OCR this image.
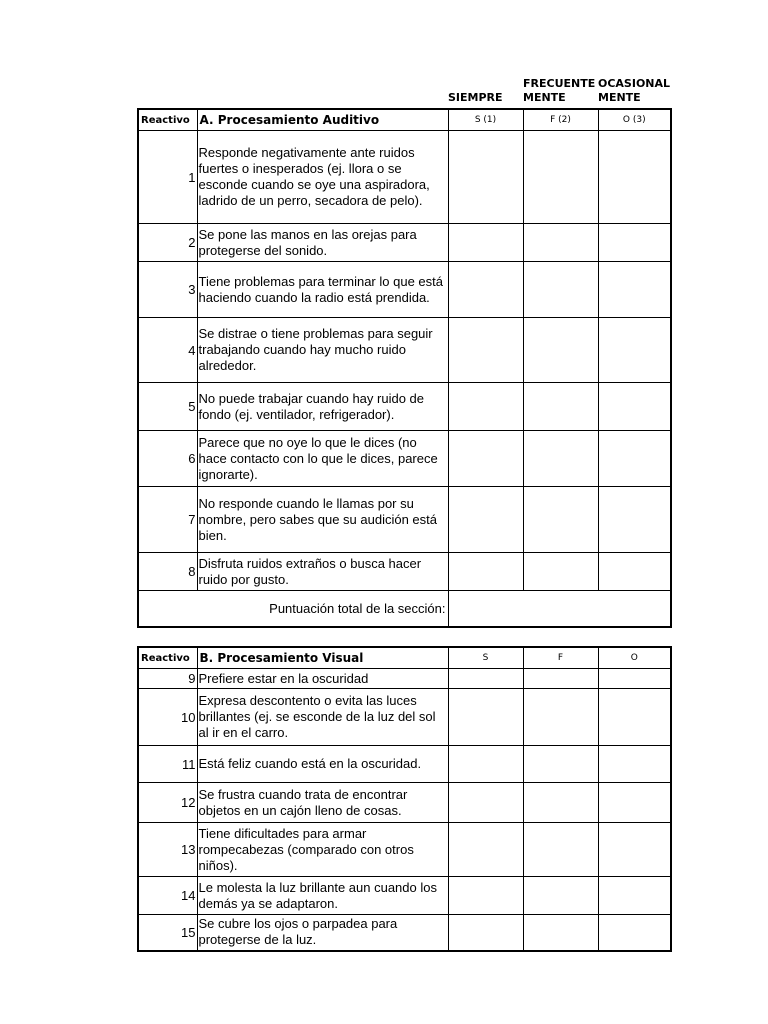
SIEMPRE
FRECUENTE
MENTE
OCASIONAL
MENTE
Reactivo	A. Procesamiento Auditivo	S (1)	F (2)	O (3)
1	Responde negativamente ante ruidos fuertes o inesperados (ej. llora o se esconde cuando se oye una aspiradora, ladrido de un perro, secadora de pelo).			
2	Se pone las manos en las orejas para protegerse del sonido.			
3	Tiene problemas para terminar lo que está haciendo cuando la radio está prendida.			
4	Se distrae o tiene problemas para seguir trabajando cuando hay mucho ruido alrededor.			
5	No puede trabajar cuando hay ruido de fondo (ej. ventilador, refrigerador).			
6	Parece que no oye lo que le dices (no hace contacto con lo que le dices, parece ignorarte).			
7	No responde cuando le llamas por su nombre, pero sabes que su audición está bien.			
8	Disfruta ruidos extraños o busca hacer ruido por gusto.			
Puntuación total de la sección:				
Reactivo	B. Procesamiento Visual	S	F	O
9	Prefiere estar en la oscuridad			
10	Expresa descontento o evita las luces brillantes (ej. se esconde de la luz del sol al ir en el carro.			
11	Está feliz cuando está en la oscuridad.			
12	Se frustra cuando trata de encontrar objetos en un cajón lleno de cosas.			
13	Tiene dificultades para armar rompecabezas (comparado con otros niños).			
14	Le molesta la luz brillante aun cuando los demás ya se adaptaron.			
15	Se cubre los ojos o parpadea para protegerse de la luz.			
